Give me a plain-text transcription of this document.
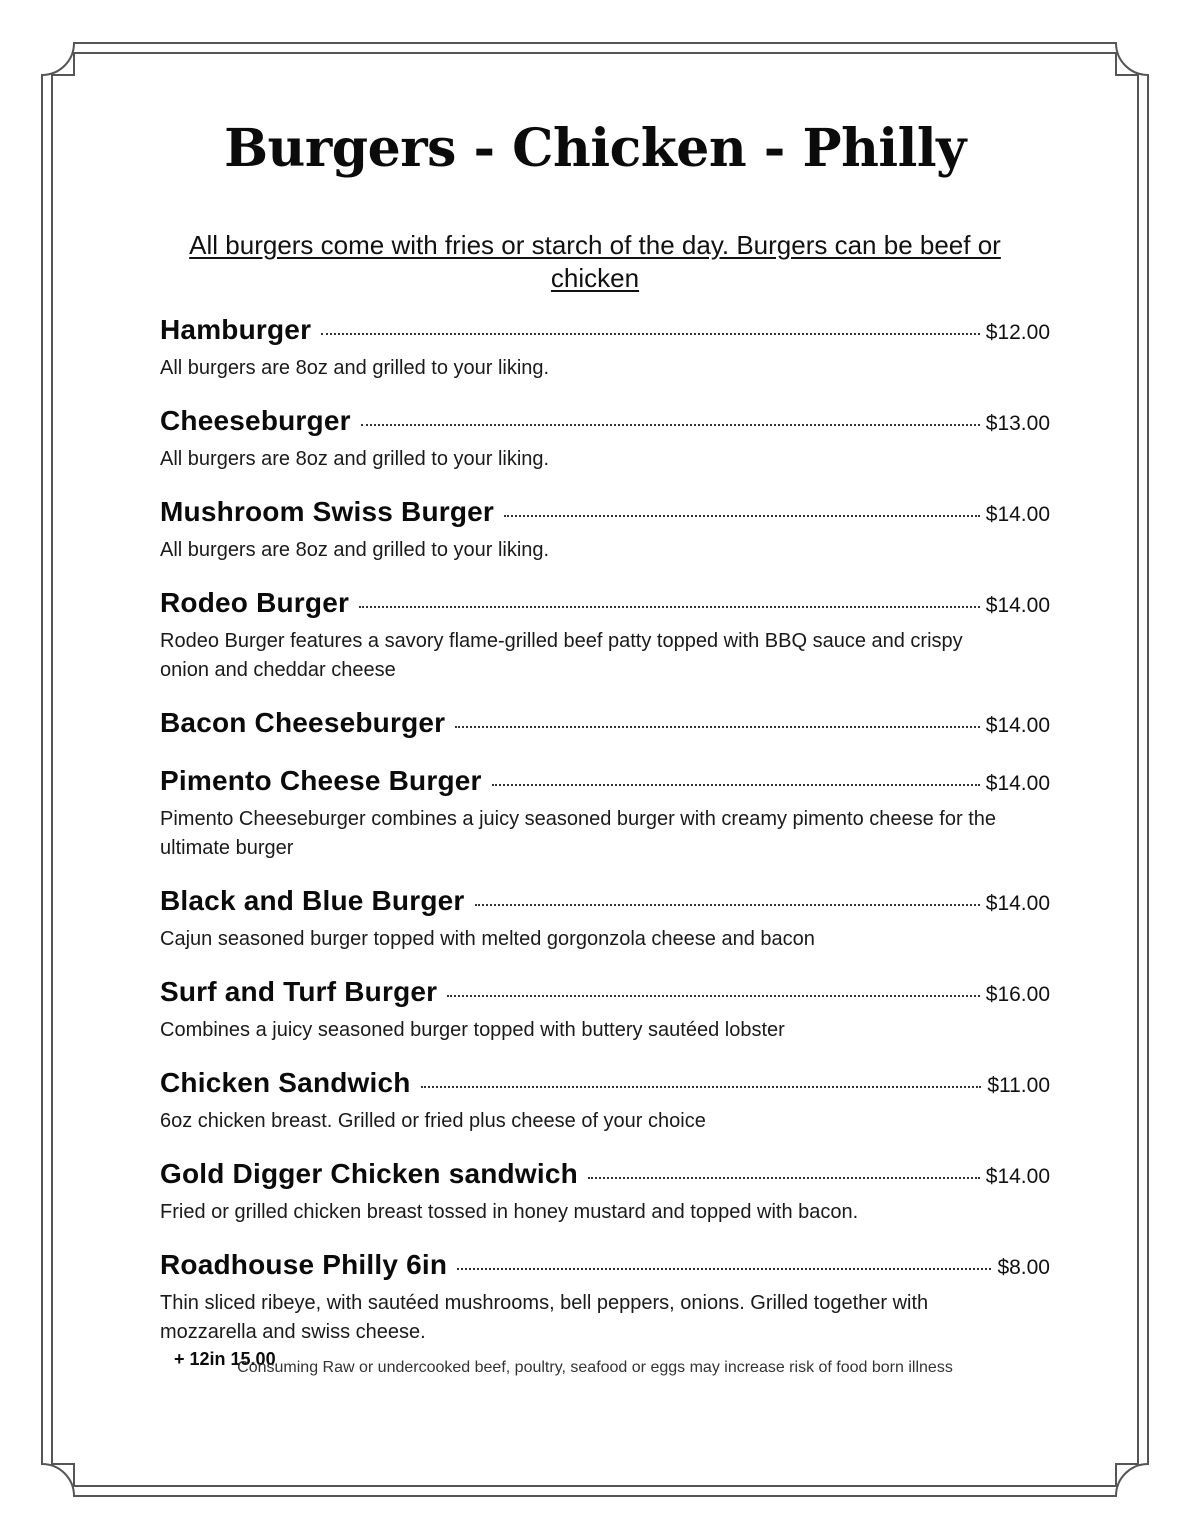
Burgers - Chicken - Philly

All burgers come with fries or starch of the day. Burgers can be beef or chicken

Hamburger	$12.00
All burgers are 8oz and grilled to your liking.
Cheeseburger	$13.00
All burgers are 8oz and grilled to your liking.
Mushroom Swiss Burger	$14.00
All burgers are 8oz and grilled to your liking.
Rodeo Burger	$14.00
Rodeo Burger features a savory flame-grilled beef patty topped with BBQ sauce and crispy onion and cheddar cheese
Bacon Cheeseburger	$14.00
Pimento Cheese Burger	$14.00
Pimento Cheeseburger combines a juicy seasoned burger with creamy pimento cheese for the ultimate burger
Black and Blue Burger	$14.00
Cajun seasoned burger topped with melted gorgonzola cheese and bacon
Surf and Turf Burger	$16.00
Combines a juicy seasoned burger topped with buttery sautéed lobster
Chicken Sandwich	$11.00
6oz chicken breast. Grilled or fried plus cheese of your choice
Gold Digger Chicken sandwich	$14.00
Fried or grilled chicken breast tossed in honey mustard and topped with bacon.
Roadhouse Philly 6in	$8.00
Thin sliced ribeye, with sautéed mushrooms, bell peppers, onions. Grilled together with mozzarella and swiss cheese.
+ 12in 15.00

Consuming Raw or undercooked beef, poultry, seafood or eggs may increase risk of food born illness
